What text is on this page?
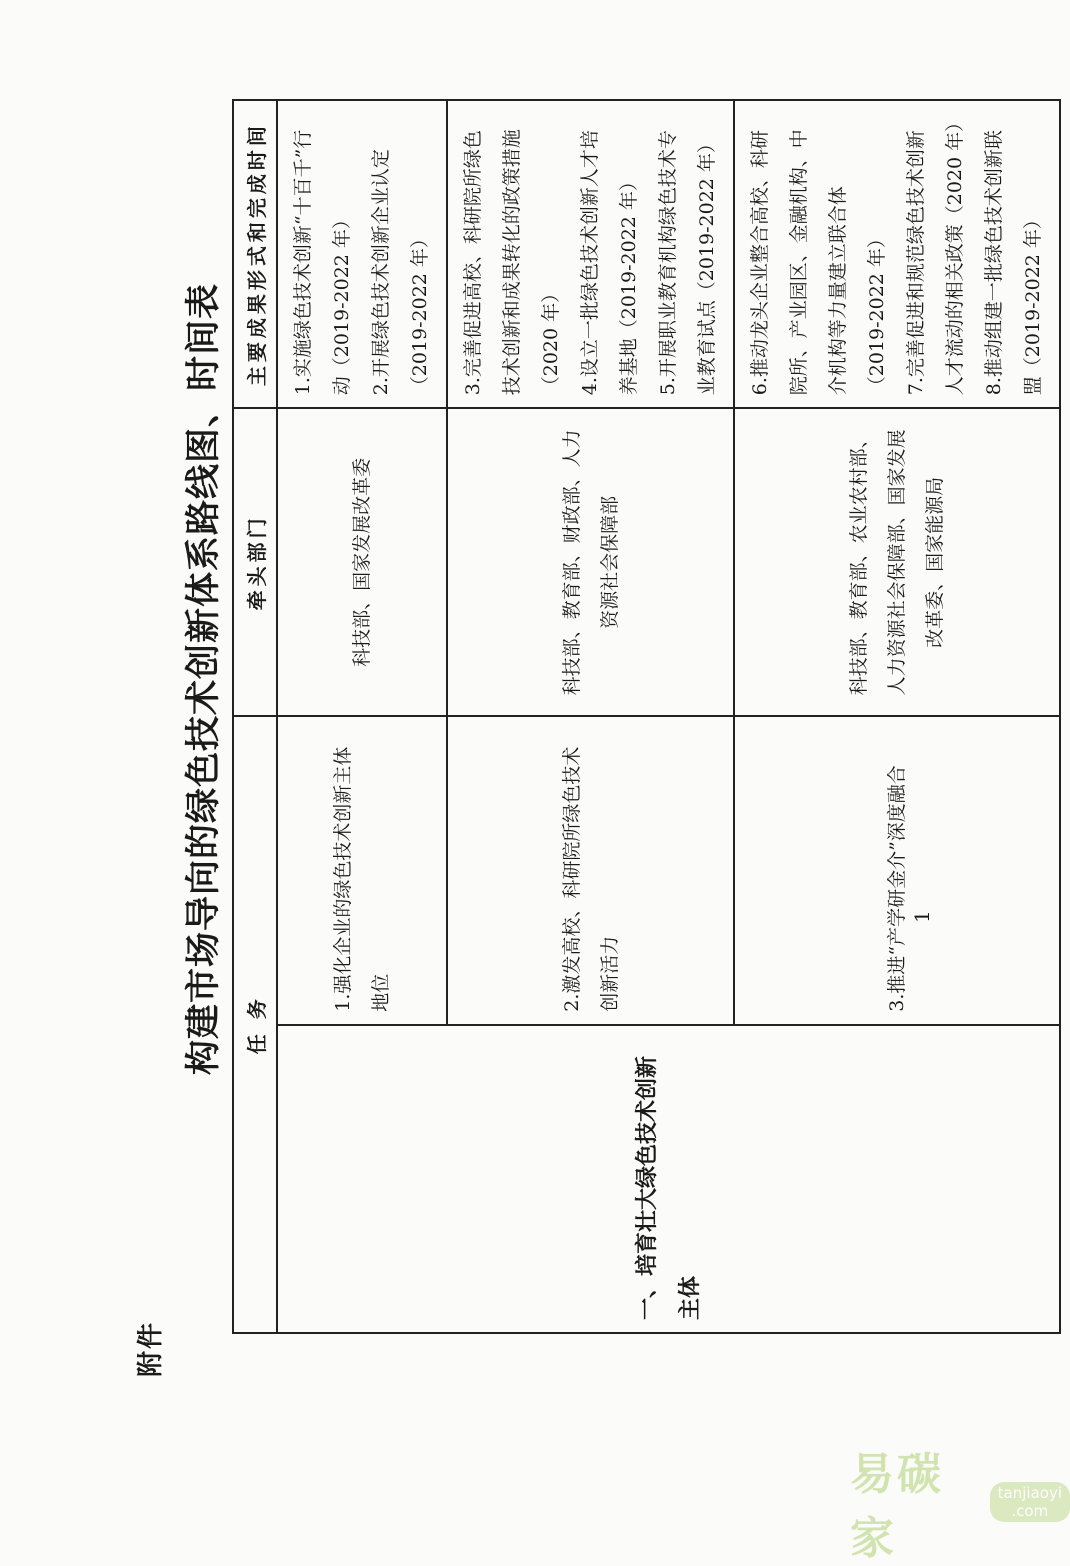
附件
构建市场导向的绿色技术创新体系路线图、时间表 任 务		牵头部门	主要成果形式和完成时间
一、培育壮大绿色技术创新主体	1.强化企业的绿色技术创新主体地位	科技部、国家发展改革委	1.实施绿色技术创新“十百千”行动（2019-2022 年） 2.开展绿色技术创新企业认定（2019-2022 年）

	2.激发高校、科研院所绿色技术创新活力	科技部、教育部、财政部、人力资源社会保障部	3.完善促进高校、科研院所绿色技术创新和成果转化的政策措施（2020 年） 4.设立一批绿色技术创新人才培养基地（2019-2022 年） 5.开展职业教育机构绿色技术专业教育试点（2019-2022 年）

	3.推进“产学研金介”深度融合	科技部、教育部、农业农村部、人力资源社会保障部、国家发展改革委、国家能源局	6.推动龙头企业整合高校、科研院所、产业园区、金融机构、中介机构等力量建立联合体（2019-2022 年） 7.完善促进和规范绿色技术创新人才流动的相关政策（2020 年） 8.推动组建一批绿色技术创新联盟（2019-2022 年）
1
易碳家
tanjiaoyi
.com
